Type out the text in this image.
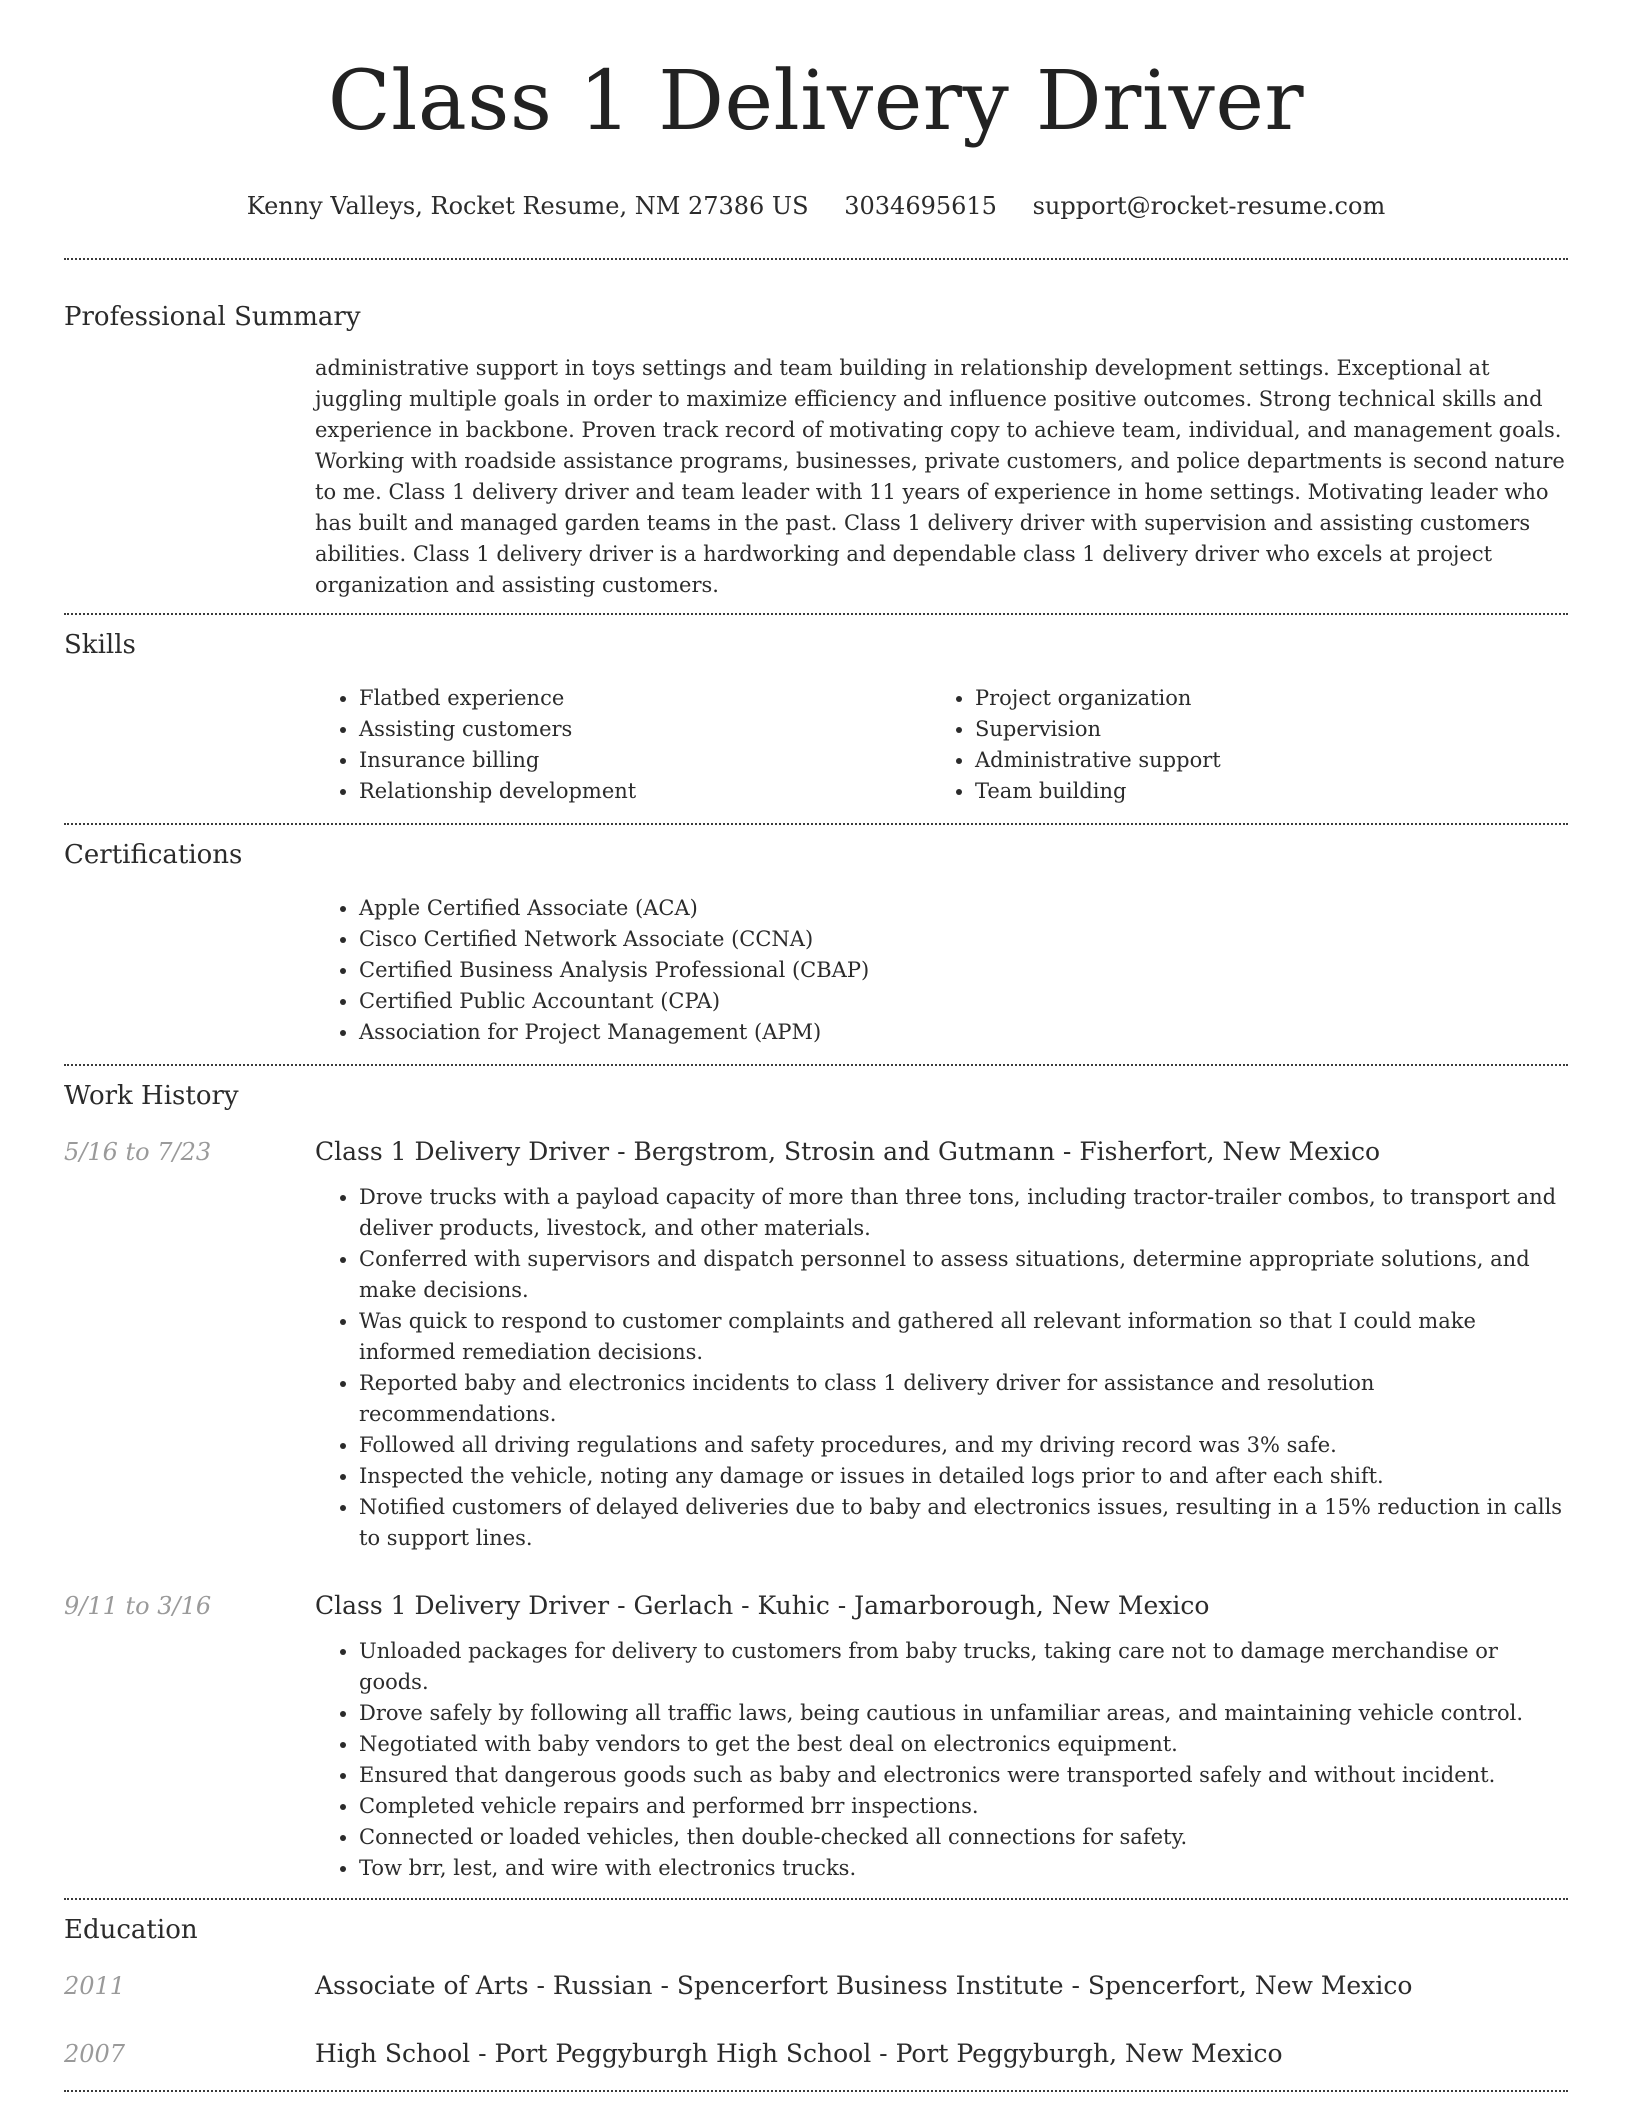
Class 1 Delivery Driver
Kenny Valleys, Rocket Resume, NM 27386 US 3034695615 support@rocket-resume.com
Professional Summary

administrative support in toys settings and team building in relationship development settings. Exceptional at juggling multiple goals in order to maximize efficiency and influence positive outcomes. Strong technical skills and experience in backbone. Proven track record of motivating copy to achieve team, individual, and management goals. Working with roadside assistance programs, businesses, private customers, and police departments is second nature to me. Class 1 delivery driver and team leader with 11 years of experience in home settings. Motivating leader who has built and managed garden teams in the past. Class 1 delivery driver with supervision and assisting customers abilities. Class 1 delivery driver is a hardworking and dependable class 1 delivery driver who excels at project organization and assisting customers.

Skills
• Flatbed experience
• Assisting customers
• Insurance billing
• Relationship development
• Project organization
• Supervision
• Administrative support
• Team building
Certifications
• Apple Certified Associate (ACA)
• Cisco Certified Network Associate (CCNA)
• Certified Business Analysis Professional (CBAP)
• Certified Public Accountant (CPA)
• Association for Project Management (APM)
Work History
5/16 to 7/23	Class 1 Delivery Driver - Bergstrom, Strosin and Gutmann - Fisherfort, New Mexico

• Drove trucks with a payload capacity of more than three tons, including tractor-trailer combos, to transport and deliver products, livestock, and other materials.
• Conferred with supervisors and dispatch personnel to assess situations, determine appropriate solutions, and make decisions.
• Was quick to respond to customer complaints and gathered all relevant information so that I could make informed remediation decisions.
• Reported baby and electronics incidents to class 1 delivery driver for assistance and resolution recommendations.
• Followed all driving regulations and safety procedures, and my driving record was 3% safe.
• Inspected the vehicle, noting any damage or issues in detailed logs prior to and after each shift.
• Notified customers of delayed deliveries due to baby and electronics issues, resulting in a 15% reduction in calls to support lines.
9/11 to 3/16	Class 1 Delivery Driver - Gerlach - Kuhic - Jamarborough, New Mexico

• Unloaded packages for delivery to customers from baby trucks, taking care not to damage merchandise or goods.
• Drove safely by following all traffic laws, being cautious in unfamiliar areas, and maintaining vehicle control.
• Negotiated with baby vendors to get the best deal on electronics equipment.
• Ensured that dangerous goods such as baby and electronics were transported safely and without incident.
• Completed vehicle repairs and performed brr inspections.
• Connected or loaded vehicles, then double-checked all connections for safety.
• Tow brr, lest, and wire with electronics trucks.
Education
2011	Associate of Arts - Russian - Spencerfort Business Institute - Spencerfort, New Mexico

2007	High School - Port Peggyburgh High School - Port Peggyburgh, New Mexico
